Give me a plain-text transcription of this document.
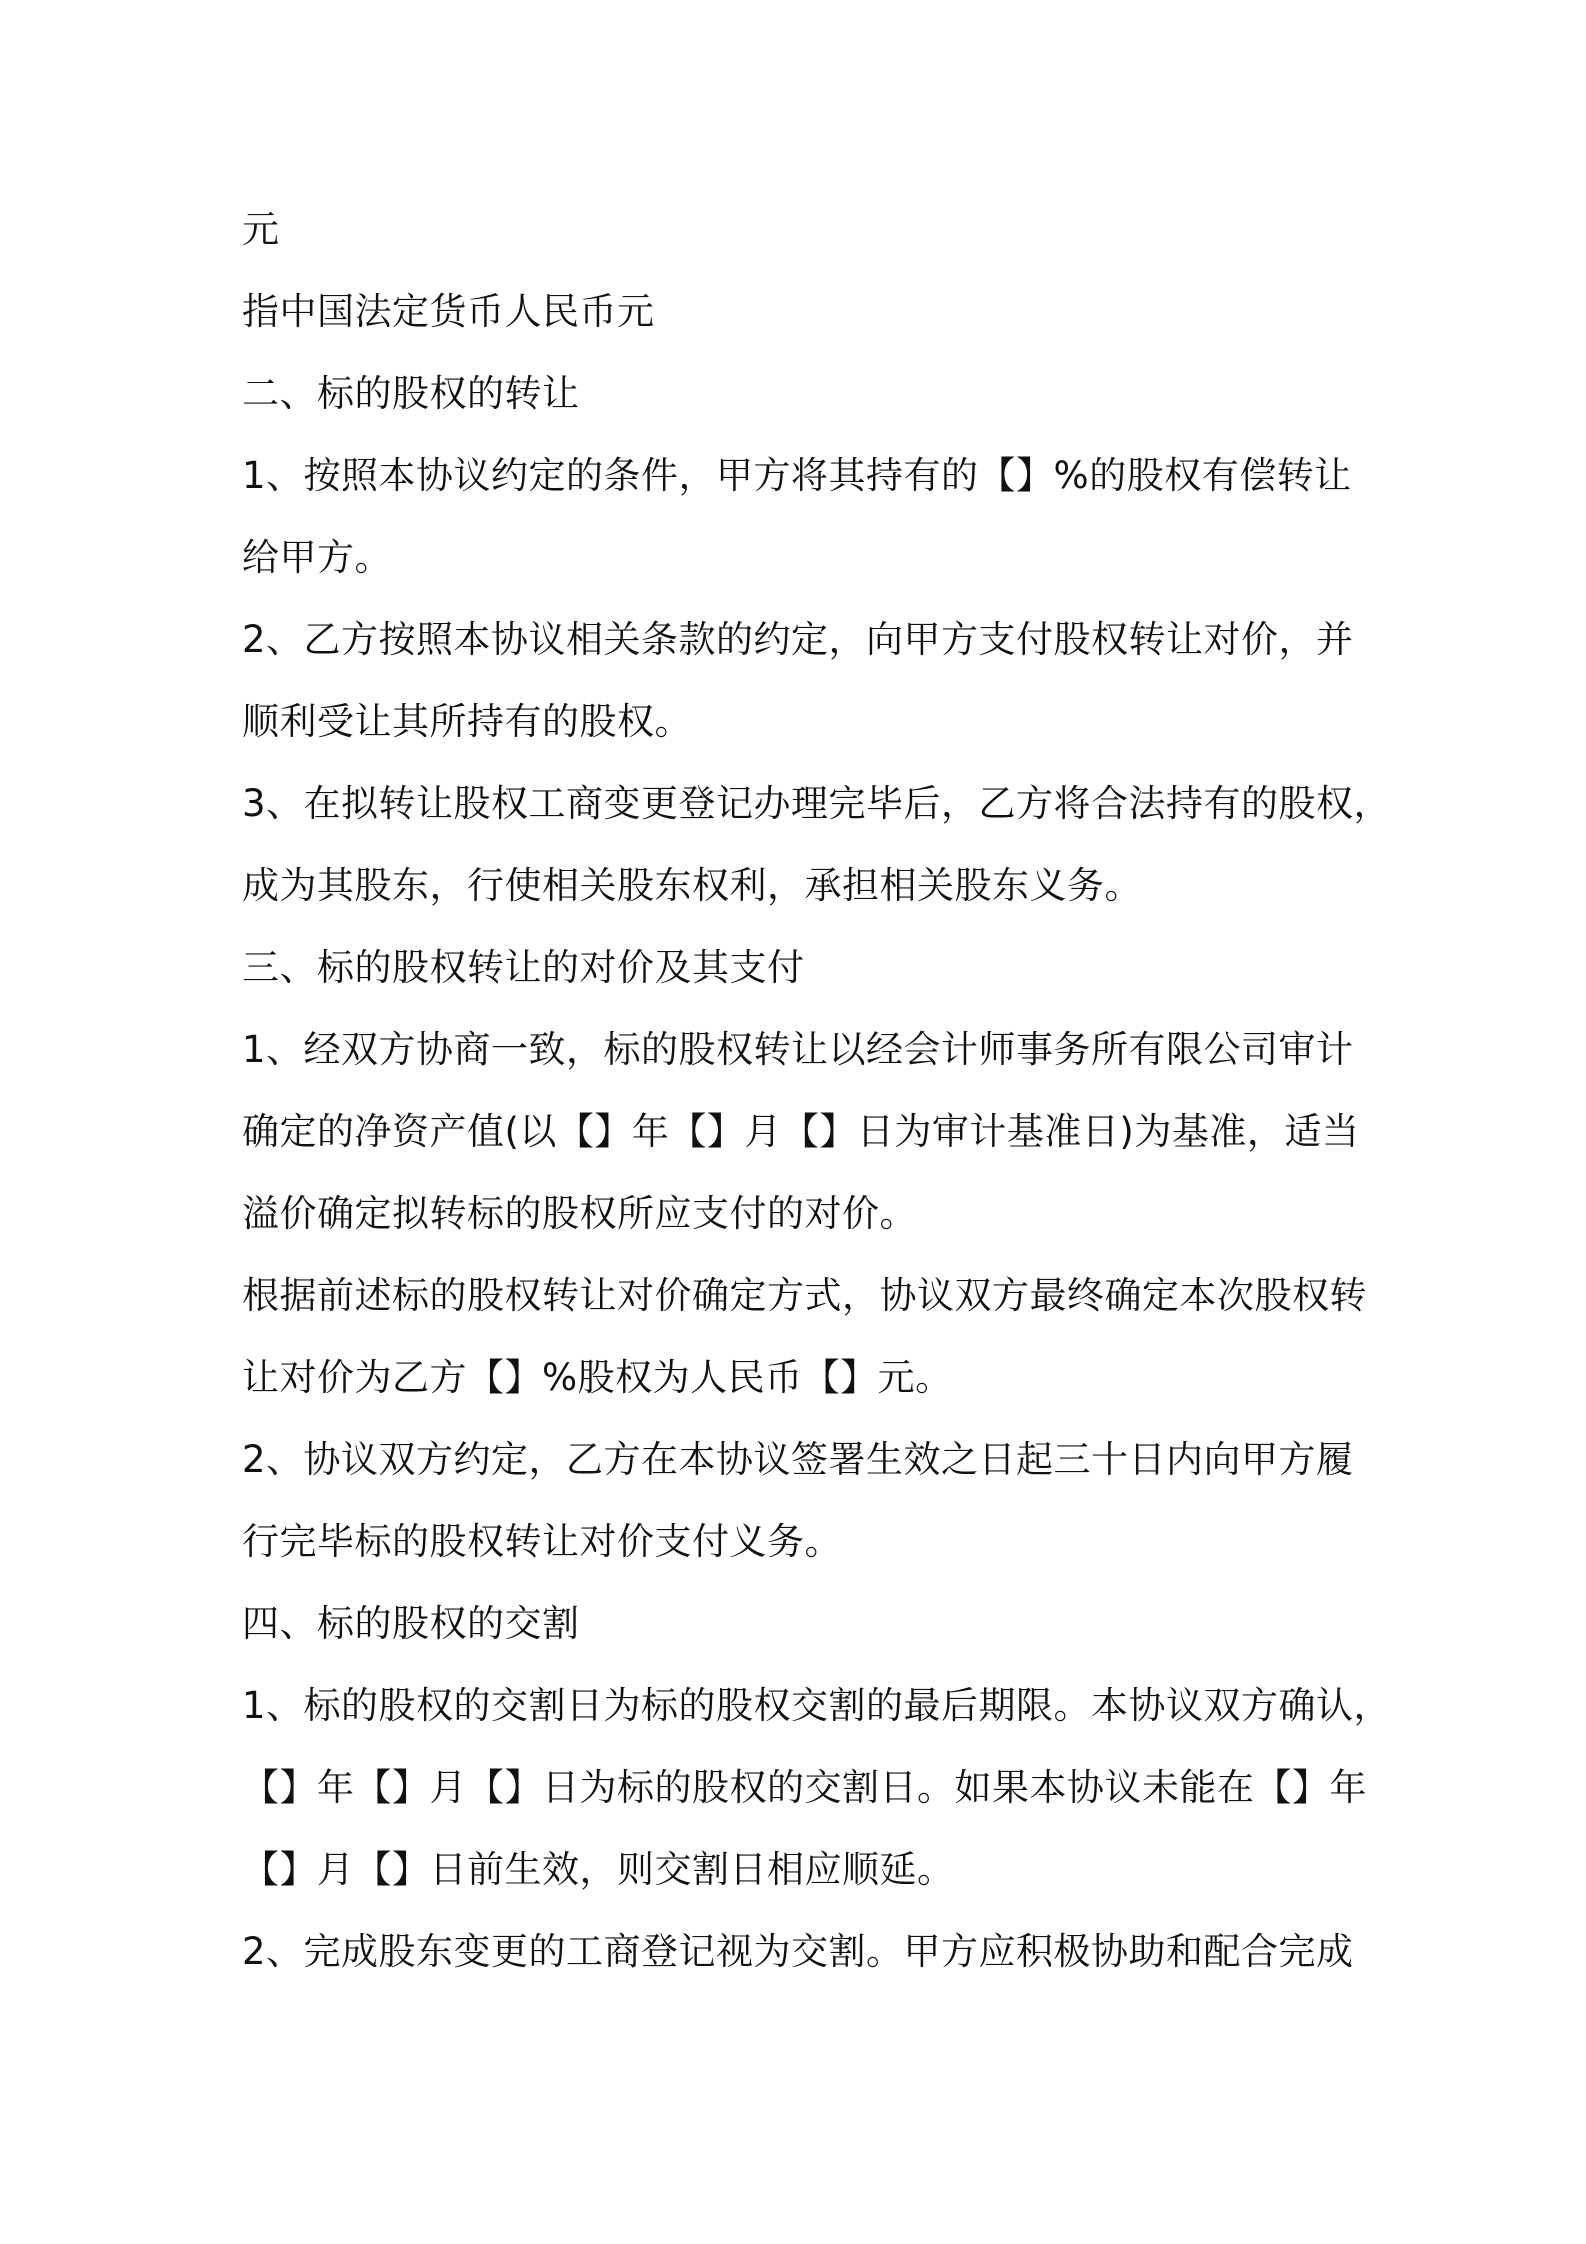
元
指中国法定货币人民币元
二、标的股权的转让
1、按照本协议约定的条件，甲方将其持有的【】%的股权有偿转让
给甲方。
2、乙方按照本协议相关条款的约定，向甲方支付股权转让对价，并
顺利受让其所持有的股权。
3、在拟转让股权工商变更登记办理完毕后，乙方将合法持有的股权，
成为其股东，行使相关股东权利，承担相关股东义务。
三、标的股权转让的对价及其支付
1、经双方协商一致，标的股权转让以经会计师事务所有限公司审计
确定的净资产值(以【】年【】月【】日为审计基准日)为基准，适当
溢价确定拟转标的股权所应支付的对价。
根据前述标的股权转让对价确定方式，协议双方最终确定本次股权转
让对价为乙方【】%股权为人民币【】元。
2、协议双方约定，乙方在本协议签署生效之日起三十日内向甲方履
行完毕标的股权转让对价支付义务。
四、标的股权的交割
1、标的股权的交割日为标的股权交割的最后期限。本协议双方确认，
【】年【】月【】日为标的股权的交割日。如果本协议未能在【】年
【】月【】日前生效，则交割日相应顺延。
2、完成股东变更的工商登记视为交割。甲方应积极协助和配合完成
